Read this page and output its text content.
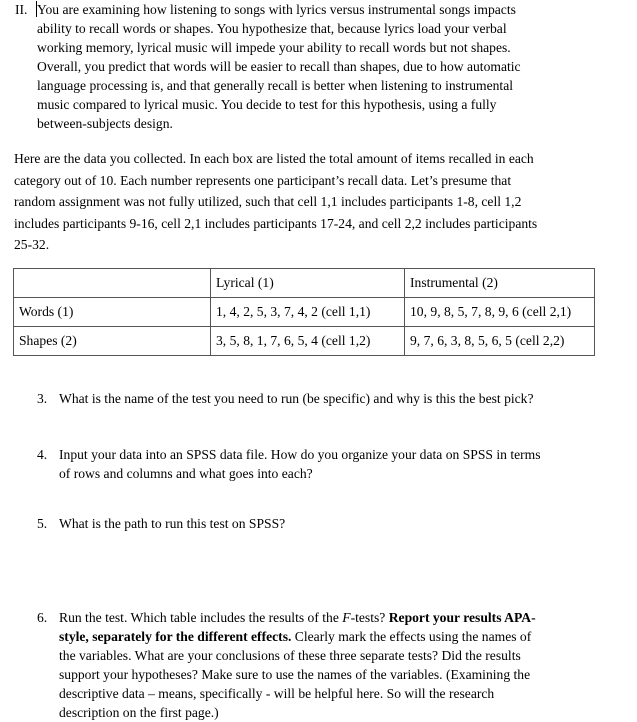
II. You are examining how listening to songs with lyrics versus instrumental songs impacts

ability to recall words or shapes. You hypothesize that, because lyrics load your verbal

working memory, lyrical music will impede your ability to recall words but not shapes.

Overall, you predict that words will be easier to recall than shapes, due to how automatic

language processing is, and that generally recall is better when listening to instrumental

music compared to lyrical music. You decide to test for this hypothesis, using a fully

between-subjects design.

Here are the data you collected. In each box are listed the total amount of items recalled in each

category out of 10. Each number represents one participant’s recall data. Let’s presume that

random assignment was not fully utilized, such that cell 1,1 includes participants 1-8, cell 1,2

includes participants 9-16, cell 2,1 includes participants 17-24, and cell 2,2 includes participants

25-32.

	Lyrical (1)	Instrumental (2)
Words (1)	1, 4, 2, 5, 3, 7, 4, 2 (cell 1,1)	10, 9, 8, 5, 7, 8, 9, 6 (cell 2,1)
Shapes (2)	3, 5, 8, 1, 7, 6, 5, 4 (cell 1,2)	9, 7, 6, 3, 8, 5, 6, 5 (cell 2,2)
3. What is the name of the test you need to run (be specific) and why is this the best pick?
4. Input your data into an SPSS data file. How do you organize your data on SPSS in terms
of rows and columns and what goes into each?
5. What is the path to run this test on SPSS?
6. Run the test. Which table includes the results of the F-tests? Report your results APA-
style, separately for the different effects. Clearly mark the effects using the names of
the variables. What are your conclusions of these three separate tests? Did the results
support your hypotheses? Make sure to use the names of the variables. (Examining the
descriptive data – means, specifically - will be helpful here. So will the research
description on the first page.)
